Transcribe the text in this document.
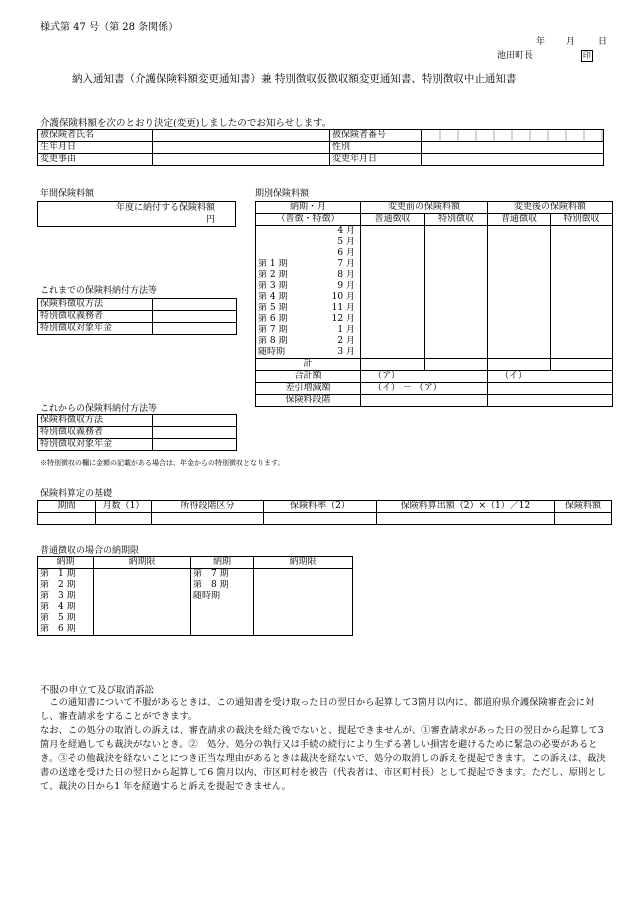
様式第 47 号（第 28 条関係）
年 月	日
池田町長　　　　　	印
納入通知書（介護保険料額変更通知書）兼 特別徴収仮徴収額変更通知書、特別徴収中止通知書
介護保険料額を次のとおり決定(変更)しましたのでお知らせします。
被保険者氏名		被保険者番号	
生年月日		性別	
変更事由		変更年月日	
年間保険料額
年度に納付する保険料額
円
これまでの保険料納付方法等
保険料徴収方法	
特別徴収義務者	
特別徴収対象年金	
これからの保険料納付方法等
保険料徴収方法	
特別徴収義務者	
特別徴収対象年金	
※特別徴収の欄に金額の記載がある場合は、年金からの特別徴収となります。
期別保険料額
納期・月	変更前の保険料額		変更後の保険料額	
（普徴・特徴）	普通徴収	特別徴収	普通徴収	特別徴収
4 月				
5 月				
6 月				
第 1 期 7 月				
第 2 期 8 月				
第 3 期 9 月				
第 4 期 10 月				
第 5 期 11 月				
第 6 期 12 月				
第 7 期 1 月				
第 8 期 2 月				
随時期 3 月				
計				
合計額	（ア）		（イ）	
差引増減額	（イ） － （ア）			
保険料段階				
保険料算定の基礎
期間	月数（1）	所得段階区分	保険料率（2）	保険料算出額（2）×（1）／12	保険料額

普通徴収の場合の納期限
納期	納期限	納期	納期限
第　1 期		第　7 期	
第　2 期		第　8 期	
第　3 期		随時期	
第　4 期			
第　5 期			
第　6 期			
不服の申立て及び取消訴訟
　この通知書について不服があるときは、この通知書を受け取った日の翌日から起算して3箇月以内に、都道府県介護保険審査会に対し、審査請求をすることができます。
なお、この処分の取消しの訴えは、審査請求の裁決を経た後でないと、提起できませんが、①審査請求があった日の翌日から起算して3 箇月を経過しても裁決がないとき。②　処分、処分の執行又は手続の続行により生ずる著しい損害を避けるために緊急の必要があるとき。③その他裁決を経ないことにつき正当な理由があるときは裁決を経ないで、処分の取消しの訴えを提起できます。この訴えは、裁決書の送達を受けた日の翌日から起算して6 箇月以内、市区町村を被告（代表者は、市区町村長）として提起できます。ただし、原則として、裁決の日から1 年を経過すると訴えを提起できません。
